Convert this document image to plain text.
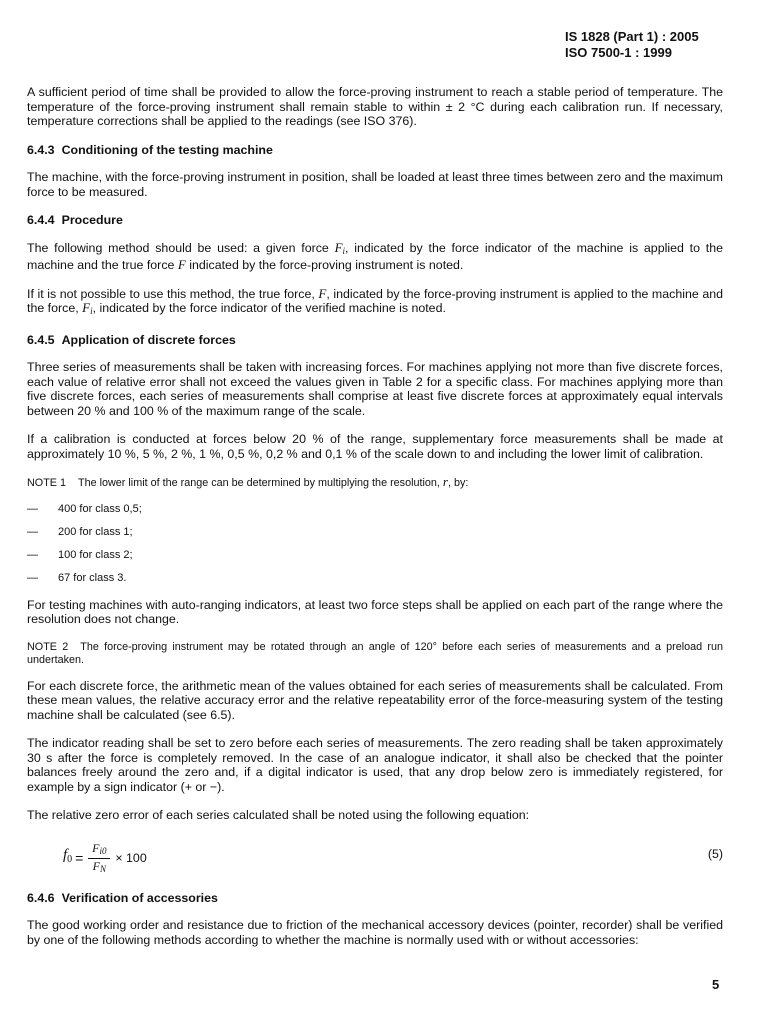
IS 1828 (Part 1) : 2005
ISO 7500-1 : 1999

A sufficient period of time shall be provided to allow the force-proving instrument to reach a stable period of temperature. The temperature of the force-proving instrument shall remain stable to within ± 2 °C during each calibration run. If necessary, temperature corrections shall be applied to the readings (see ISO 376).

6.4.3 Conditioning of the testing machine

The machine, with the force-proving instrument in position, shall be loaded at least three times between zero and the maximum force to be measured.

6.4.4 Procedure

The following method should be used: a given force $F_i$, indicated by the force indicator of the machine is applied to the machine and the true force F indicated by the force-proving instrument is noted.

If it is not possible to use this method, the true force, F, indicated by the force-proving instrument is applied to the machine and the force, $F_i$, indicated by the force indicator of the verified machine is noted.

6.4.5 Application of discrete forces

Three series of measurements shall be taken with increasing forces. For machines applying not more than five discrete forces, each value of relative error shall not exceed the values given in Table 2 for a specific class. For machines applying more than five discrete forces, each series of measurements shall comprise at least five discrete forces at approximately equal intervals between 20 % and 100 % of the maximum range of the scale.

If a calibration is conducted at forces below 20 % of the range, supplementary force measurements shall be made at approximately 10 %, 5 %, 2 %, 1 %, 0,5 %, 0,2 % and 0,1 % of the scale down to and including the lower limit of calibration.

NOTE 1 The lower limit of the range can be determined by multiplying the resolution, r, by:

— 400 for class 0,5;
— 200 for class 1;
— 100 for class 2;
— 67 for class 3.

For testing machines with auto-ranging indicators, at least two force steps shall be applied on each part of the range where the resolution does not change.

NOTE 2 The force-proving instrument may be rotated through an angle of 120° before each series of measurements and a preload run undertaken.

For each discrete force, the arithmetic mean of the values obtained for each series of measurements shall be calculated. From these mean values, the relative accuracy error and the relative repeatability error of the force-measuring system of the testing machine shall be calculated (see 6.5).

The indicator reading shall be set to zero before each series of measurements. The zero reading shall be taken approximately 30 s after the force is completely removed. In the case of an analogue indicator, it shall also be checked that the pointer balances freely around the zero and, if a digital indicator is used, that any drop below zero is immediately registered, for example by a sign indicator (+ or −).

The relative zero error of each series calculated shall be noted using the following equation:

$f_0 = \frac{F_{i0}}{F_N} \times 100$	(5)
6.4.6 Verification of accessories

The good working order and resistance due to friction of the mechanical accessory devices (pointer, recorder) shall be verified by one of the following methods according to whether the machine is normally used with or without accessories:

5
